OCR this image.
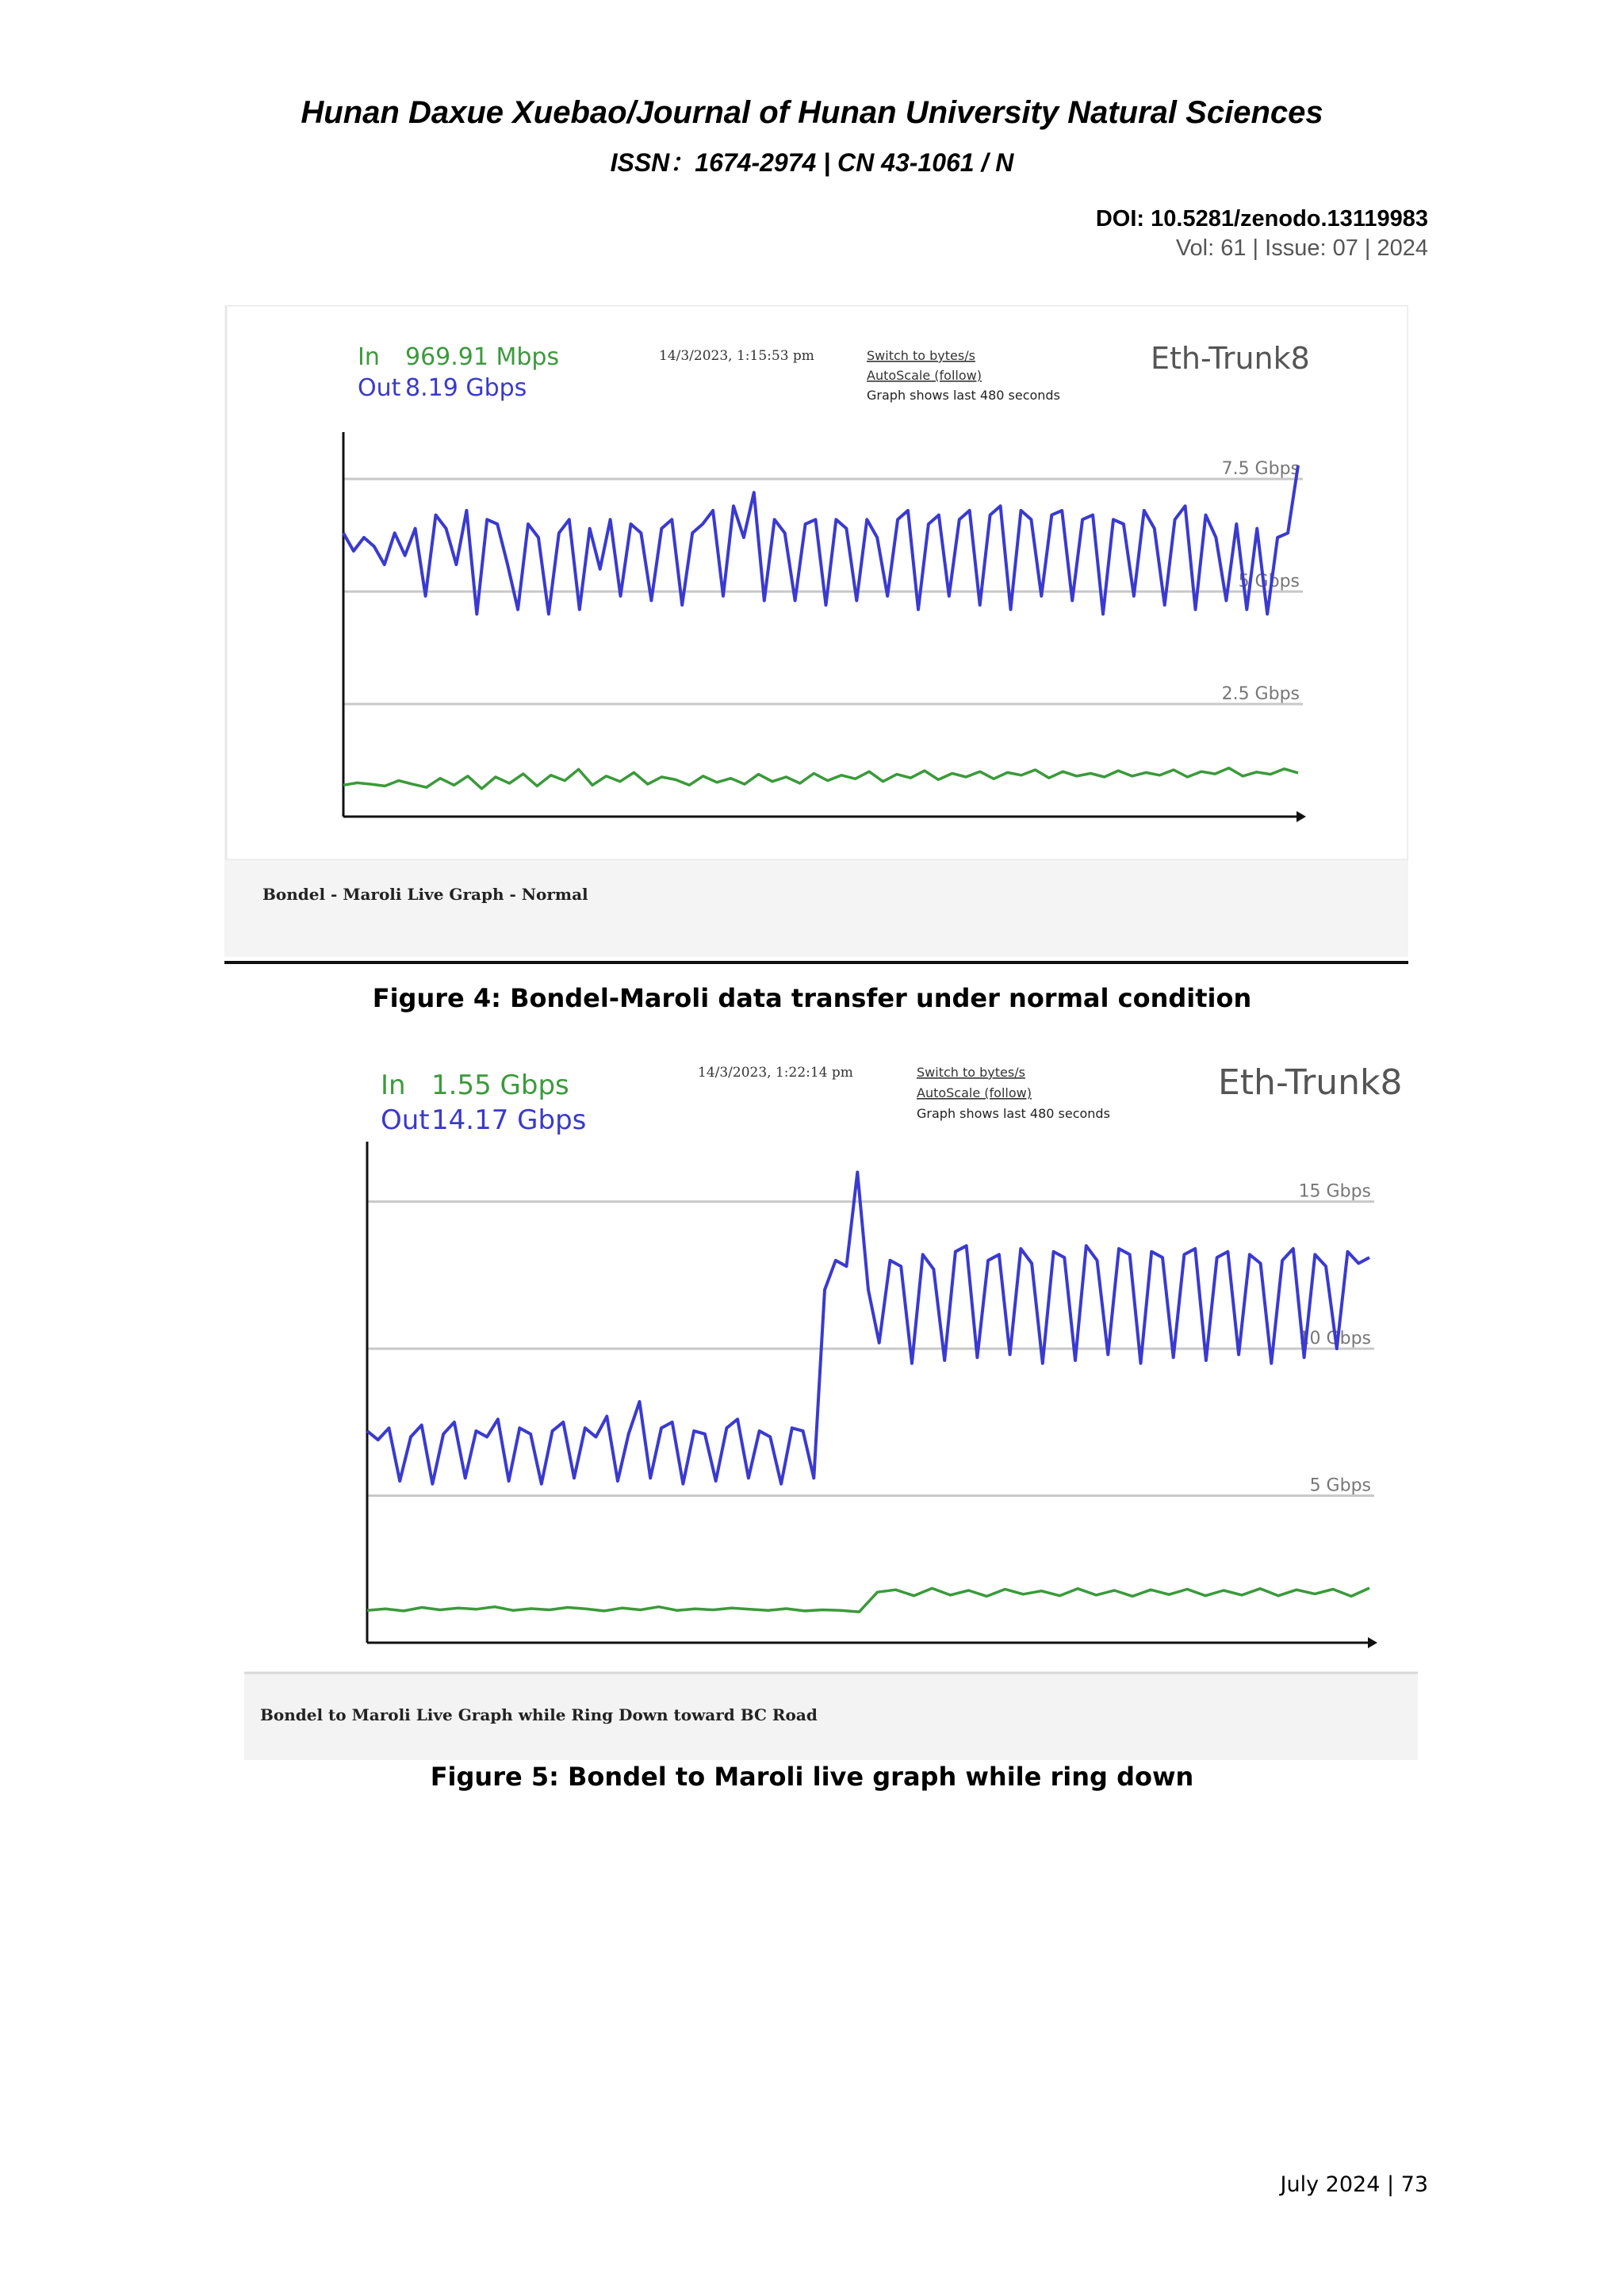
Hunan Daxue Xuebao/Journal of Hunan University Natural Sciences
ISSN：1674-2974 | CN 43-1061 / N
DOI: 10.5281/zenodo.13119983
Vol: 61 | Issue: 07 | 2024
In 969.91 Mbps
Out 8.19 Gbps
14/3/2023, 1:15:53 pm	Switch to bytes/s
AutoScale (follow)
Graph shows last 480 seconds
Eth-Trunk8
2.5 Gbps
5 Gbps
7.5 Gbps
Bondel - Maroli Live Graph - Normal
Figure 4: Bondel-Maroli data transfer under normal condition
In 1.55 Gbps
Out 14.17 Gbps
14/3/2023, 1:22:14 pm	Switch to bytes/s
AutoScale (follow)
Graph shows last 480 seconds
Eth-Trunk8
5 Gbps
10 Gbps
15 Gbps
Bondel to Maroli Live Graph while Ring Down toward BC Road
Figure 5: Bondel to Maroli live graph while ring down
July 2024 | 73
